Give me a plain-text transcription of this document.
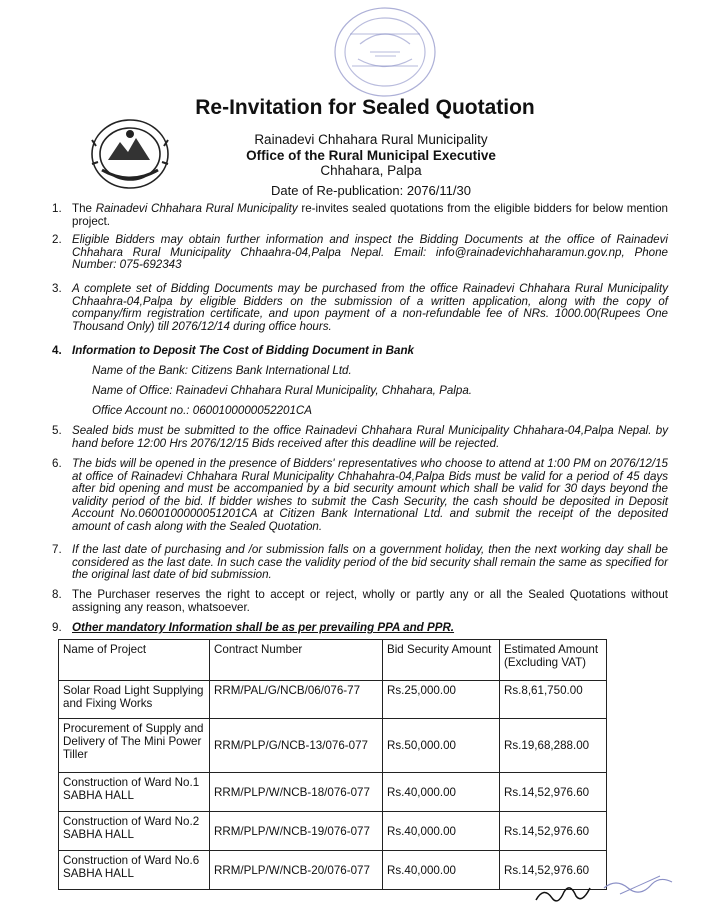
Re-Invitation for Sealed Quotation
Rainadevi Chhahara Rural Municipality
Office of the Rural Municipal Executive
Chhahara, Palpa
Date of Re-publication: 2076/11/30
1. The Rainadevi Chhahara Rural Municipality re-invites sealed quotations from the eligible bidders for below mention project.
2. Eligible Bidders may obtain further information and inspect the Bidding Documents at the office of Rainadevi Chhahara Rural Municipality Chhaahra-04,Palpa Nepal. Email: info@rainadevichhaharamun.gov.np, Phone Number: 075-692343
3. A complete set of Bidding Documents may be purchased from the office Rainadevi Chhahara Rural Municipality Chhaahra-04,Palpa by eligible Bidders on the submission of a written application, along with the copy of company/firm registration certificate, and upon payment of a non-refundable fee of NRs. 1000.00(Rupees One Thousand Only) till 2076/12/14 during office hours.
4. Information to Deposit The Cost of Bidding Document in Bank
Name of the Bank: Citizens Bank International Ltd.
Name of Office: Rainadevi Chhahara Rural Municipality, Chhahara, Palpa.
Office Account no.: 0600100000052201CA
5. Sealed bids must be submitted to the office Rainadevi Chhahara Rural Municipality Chhahara-04,Palpa Nepal. by hand before 12:00 Hrs 2076/12/15 Bids received after this deadline will be rejected.
6. The bids will be opened in the presence of Bidders' representatives who choose to attend at 1:00 PM on 2076/12/15 at office of Rainadevi Chhahara Rural Municipality Chhahahra-04,Palpa Bids must be valid for a period of 45 days after bid opening and must be accompanied by a bid security amount which shall be valid for 30 days beyond the validity period of the bid. If bidder wishes to submit the Cash Security, the cash should be deposited in Deposit Account No.0600100000051201CA at Citizen Bank International Ltd. and submit the receipt of the deposited amount of cash along with the Sealed Quotation.
7. If the last date of purchasing and /or submission falls on a government holiday, then the next working day shall be considered as the last date. In such case the validity period of the bid security shall remain the same as specified for the original last date of bid submission.
8. The Purchaser reserves the right to accept or reject, wholly or partly any or all the Sealed Quotations without assigning any reason, whatsoever.
9. Other mandatory Information shall be as per prevailing PPA and PPR.
Name of Project	Contract Number	Bid Security Amount	Estimated Amount (Excluding VAT)
Solar Road Light Supplying and Fixing Works	RRM/PAL/G/NCB/06/076-77	Rs.25,000.00	Rs.8,61,750.00
Procurement of Supply and Delivery of The Mini Power Tiller	RRM/PLP/G/NCB-13/076-077	Rs.50,000.00	Rs.19,68,288.00
Construction of Ward No.1 SABHA HALL	RRM/PLP/W/NCB-18/076-077	Rs.40,000.00	Rs.14,52,976.60
Construction of Ward No.2 SABHA HALL	RRM/PLP/W/NCB-19/076-077	Rs.40,000.00	Rs.14,52,976.60
Construction of Ward No.6 SABHA HALL	RRM/PLP/W/NCB-20/076-077	Rs.40,000.00	Rs.14,52,976.60
